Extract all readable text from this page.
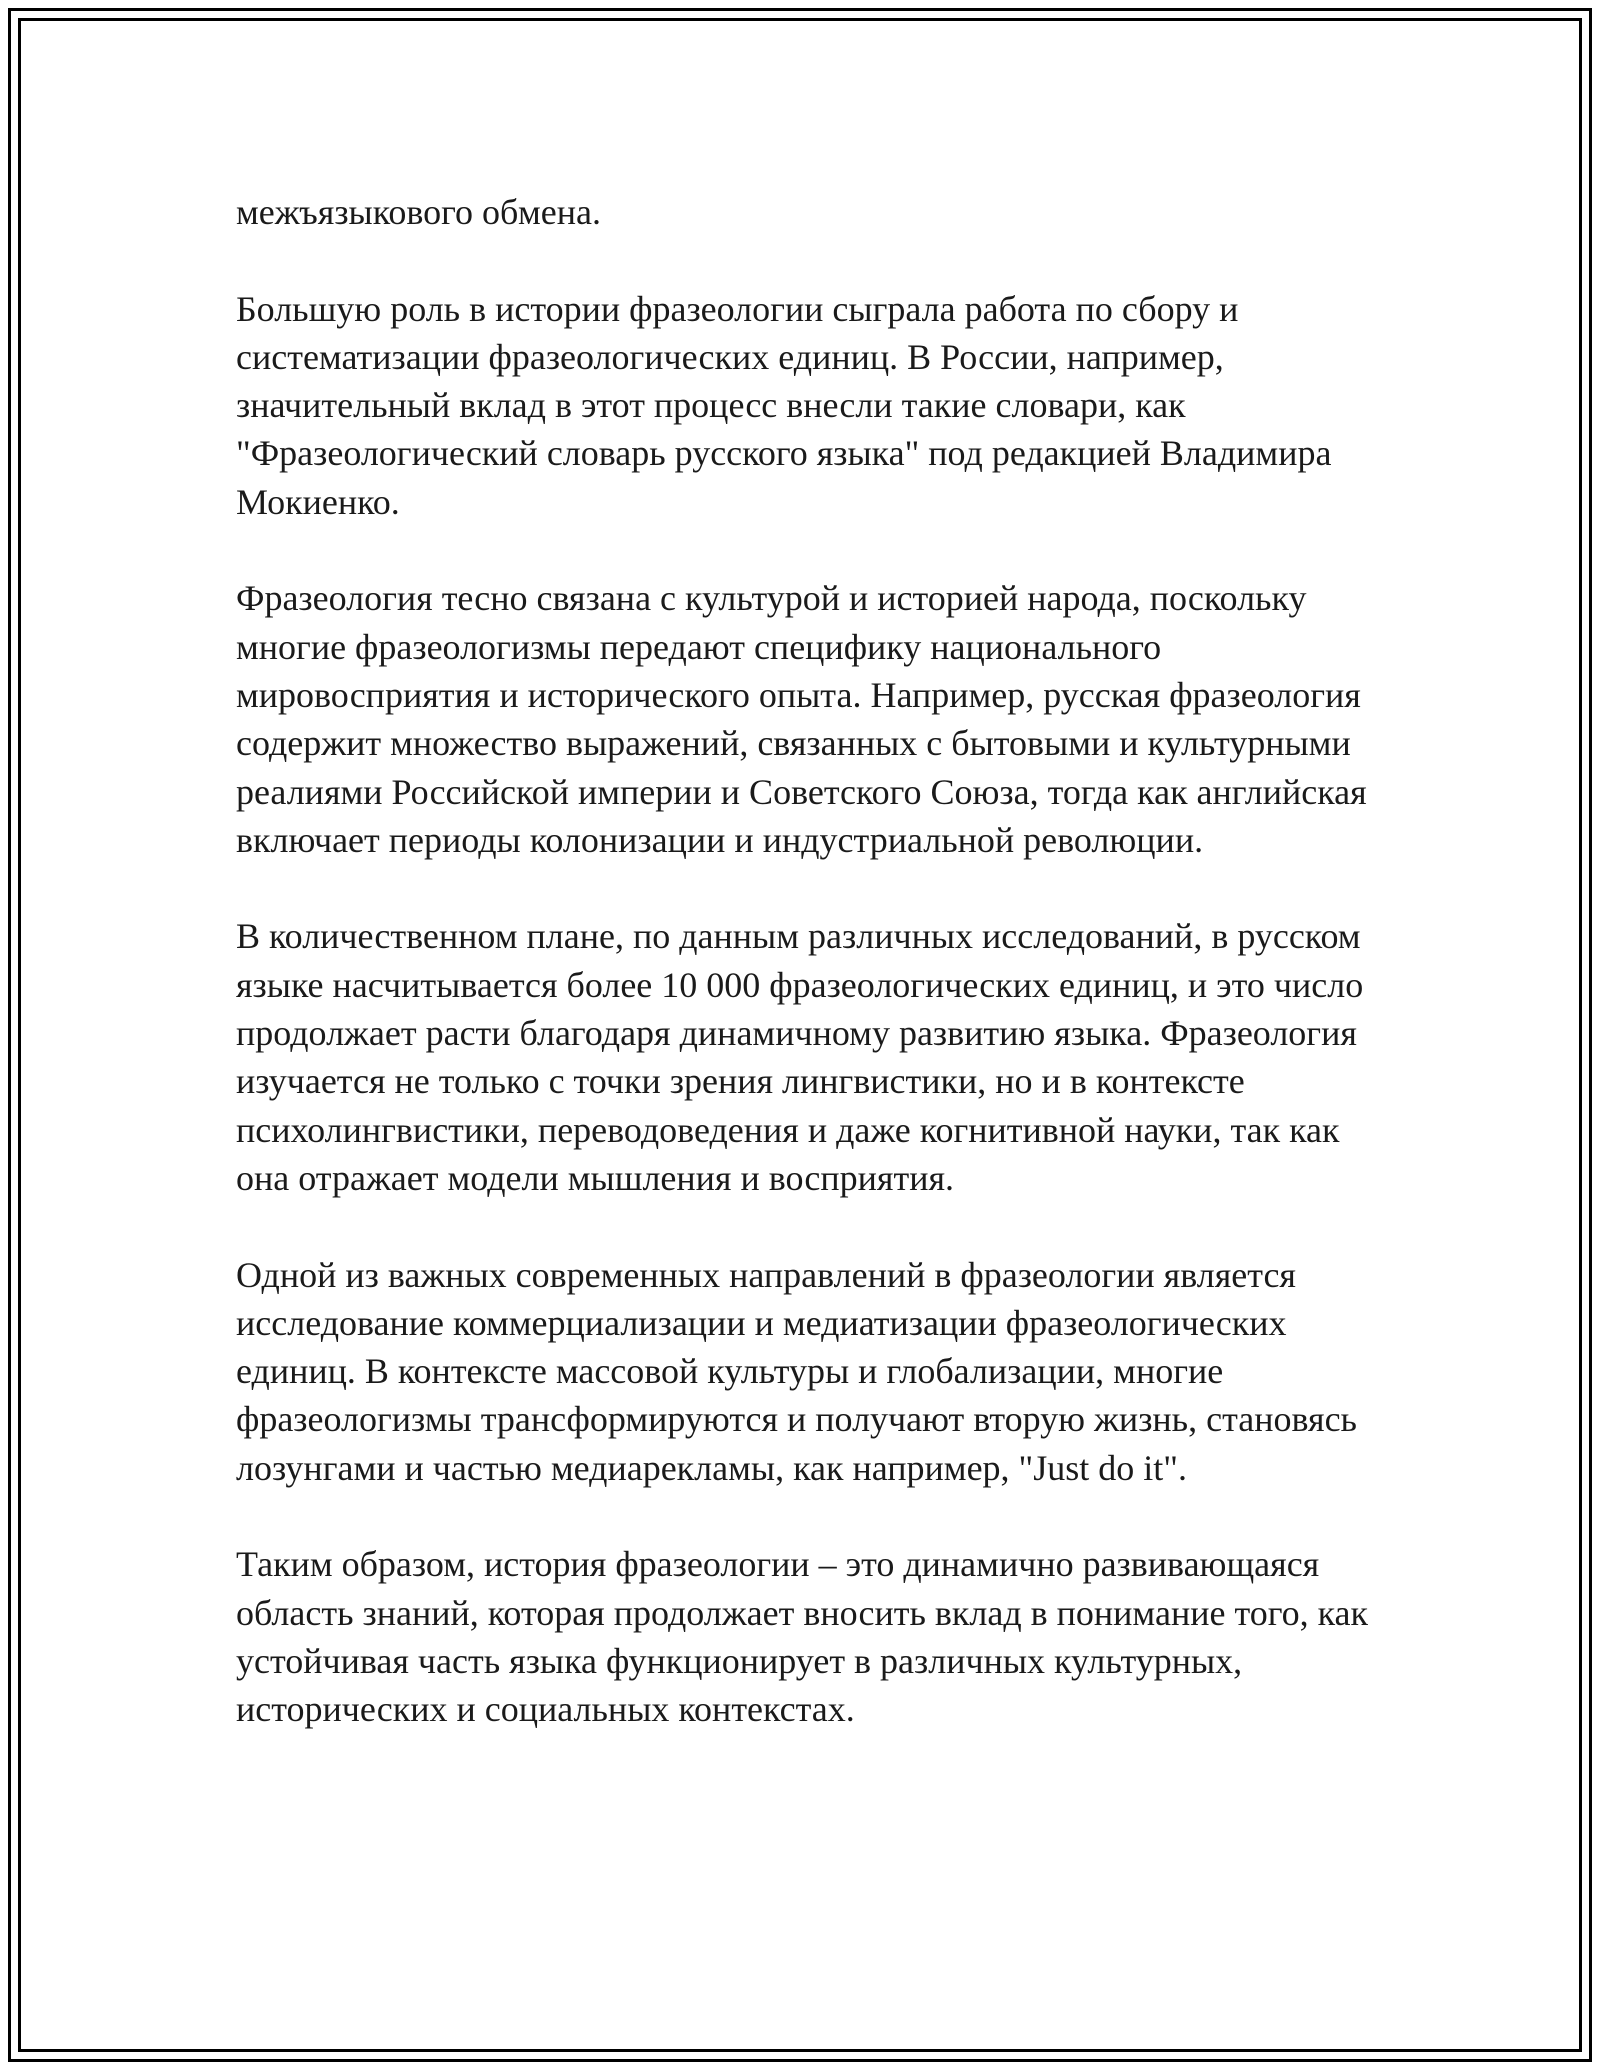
межъязыкового обмена.

Большую роль в истории фразеологии сыграла работа по сбору и систематизации фразеологических единиц. В России, например, значительный вклад в этот процесс внесли такие словари, как "Фразеологический словарь русского языка" под редакцией Владимира Мокиенко.

Фразеология тесно связана с культурой и историей народа, поскольку многие фразеологизмы передают специфику национального мировосприятия и исторического опыта. Например, русская фразеология содержит множество выражений, связанных с бытовыми и культурными реалиями Российской империи и Советского Союза, тогда как английская включает периоды колонизации и индустриальной революции.

В количественном плане, по данным различных исследований, в русском языке насчитывается более 10 000 фразеологических единиц, и это число продолжает расти благодаря динамичному развитию языка. Фразеология изучается не только с точки зрения лингвистики, но и в контексте психолингвистики, переводоведения и даже когнитивной науки, так как она отражает модели мышления и восприятия.

Одной из важных современных направлений в фразеологии является исследование коммерциализации и медиатизации фразеологических единиц. В контексте массовой культуры и глобализации, многие фразеологизмы трансформируются и получают вторую жизнь, становясь лозунгами и частью медиарекламы, как например, "Just do it".

Таким образом, история фразеологии – это динамично развивающаяся область знаний, которая продолжает вносить вклад в понимание того, как устойчивая часть языка функционирует в различных культурных, исторических и социальных контекстах.
